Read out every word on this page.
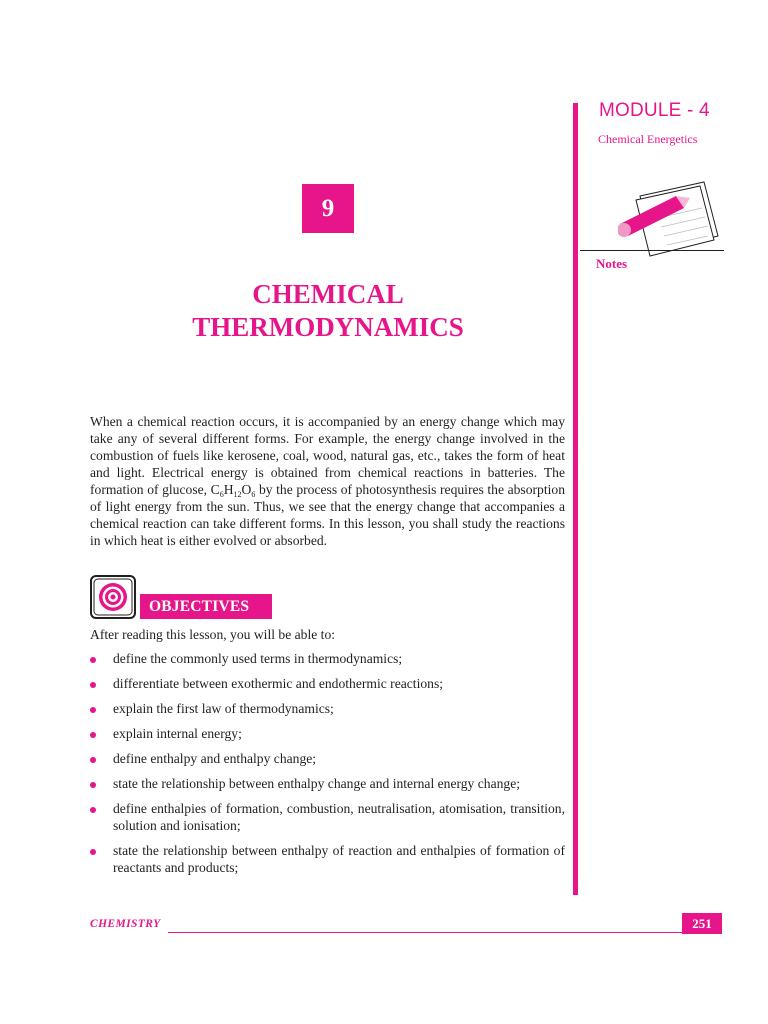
MODULE - 4
Chemical Energetics
Notes
9
CHEMICAL
THERMODYNAMICS

When a chemical reaction occurs, it is accompanied by an energy change which may take any of several different forms. For example, the energy change involved in the combustion of fuels like kerosene, coal, wood, natural gas, etc., takes the form of heat and light. Electrical energy is obtained from chemical reactions in batteries. The formation of glucose, $C_6H_{12}O_6$ by the process of photosynthesis requires the absorption of light energy from the sun. Thus, we see that the energy change that accompanies a chemical reaction can take different forms. In this lesson, you shall study the reactions in which heat is either evolved or absorbed.

OBJECTIVES
After reading this lesson, you will be able to:
define the commonly used terms in thermodynamics;
differentiate between exothermic and endothermic reactions;
explain the first law of thermodynamics;
explain internal energy;
define enthalpy and enthalpy change;
state the relationship between enthalpy change and internal energy change;
define enthalpies of formation, combustion, neutralisation, atomisation, transition, solution and ionisation;
state the relationship between enthalpy of reaction and enthalpies of formation of reactants and products;
CHEMISTRY	251
